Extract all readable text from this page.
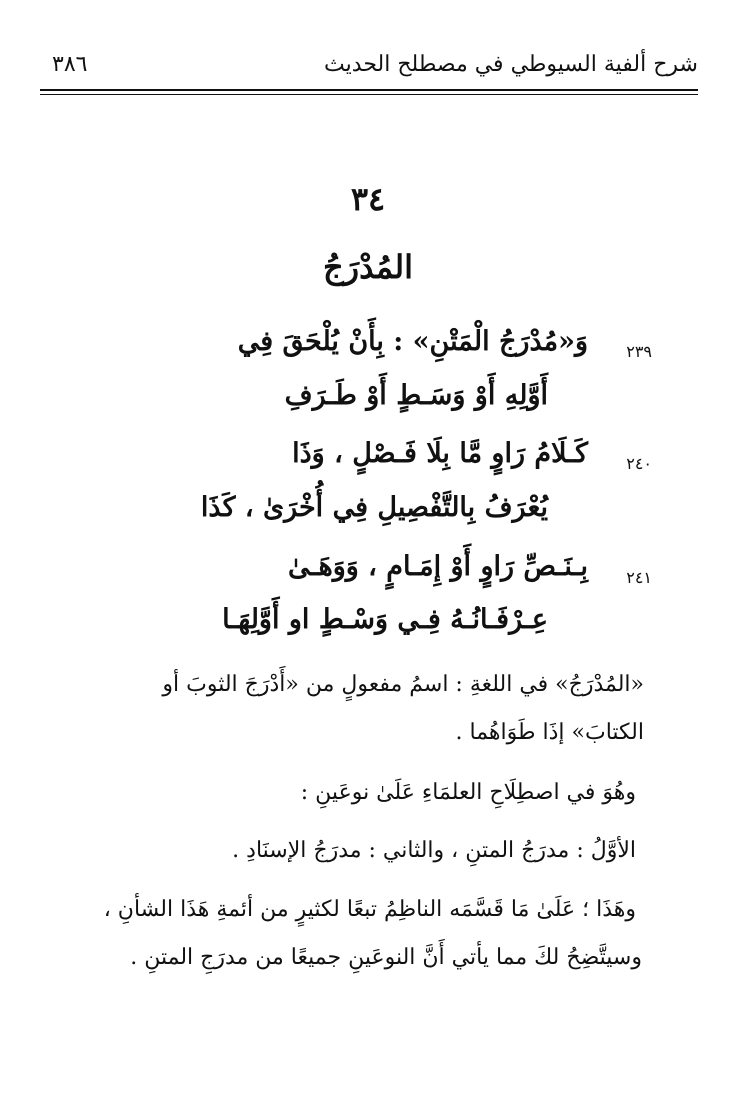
شرح ألفية السيوطي في مصطلح الحديث
٣٨٦
٣٤
المُدْرَجُ
٢٣٩
وَ«مُدْرَجُ الْمَتْنِ» : بِأَنْ يُلْحَقَ فِي
أَوَّلِهِ أَوْ وَسَـطٍ أَوْ طَـرَفِ
٢٤٠
كَـلَامُ رَاوٍ مَّا بِلَا فَـصْلٍ ، وَذَا
يُعْرَفُ بِالتَّفْصِيلِ فِي أُخْرَىٰ ، كَذَا
٢٤١
بِـنَـصِّ رَاوٍ أَوْ إِمَـامٍ ، وَوَهَـىٰ
عِـرْفَـانُـهُ فِـي وَسْـطٍ او أَوَّلِهَـا
«المُدْرَجُ» في اللغةِ : اسمُ مفعولٍ من «أَدْرَجَ الثوبَ أو
الكتابَ» إذَا طَوَاهُما .
وهُوَ في اصطِلَاحِ العلمَاءِ عَلَىٰ نوعَينِ :
الأوَّلُ : مدرَجُ المتنِ ، والثاني : مدرَجُ الإسنَادِ .
وهَذَا ؛ عَلَىٰ مَا قَسَّمَه الناظِمُ تبعًا لكثيرٍ من أئمةِ هَذَا الشأنِ ،
وسيتَّضِحُ لكَ مما يأتي أَنَّ النوعَينِ جميعًا من مدرَجِ المتنِ .
